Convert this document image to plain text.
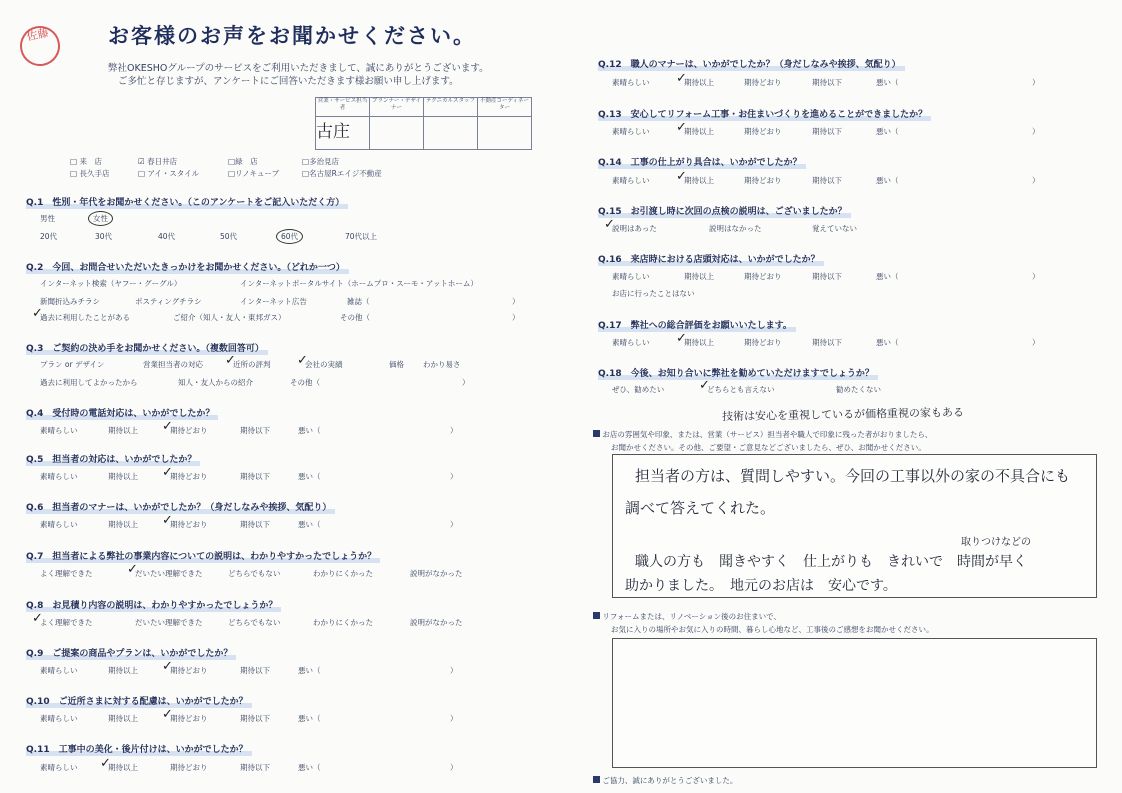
佐藤	お客様のお声をお聞かせください。
弊社OKESHOグループのサービスをご利用いただきまして、誠にありがとうございます。
ご多忙と存じますが、アンケートにご回答いただきます様お願い申し上げます。
営業・サービス担当者	プランナー・デザイナー	テクニカルスタッフ	不動産コーディネーター
古庄			
□ 来　店	☑ 春日井店	□緑　店	□多治見店
□ 長久手店	□ アイ・スタイル	□リノキューブ	□名古屋Rエイジ不動産
Q.1　性別・年代をお聞かせください。（このアンケートをご記入いただく方）
男性	女性
20代	30代	40代	50代	60代	70代以上
Q.2　今回、お問合せいただいたきっかけをお聞かせください。（どれか一つ）
インターネット検索（ヤフー・グーグル）	インターネットポータルサイト（ホームプロ・スーモ・アットホーム）
新聞折込みチラシ	ポスティングチラシ	インターネット広告	雑誌（	）
過去に利用したことがある
✓	ご紹介（知人・友人・東邦ガス）	その他（	）
Q.3　ご契約の決め手をお聞かせください。（複数回答可）
プラン or デザイン	営業担当者の対応	近所の評判
✓	会社の実績
✓	価格	わかり易さ
過去に利用してよかったから	知人・友人からの紹介	その他（	）
Q.4　受付時の電話対応は、いかがでしたか？
素晴らしい	期待以上	期待どおり
✓	期待以下	悪い（	）
Q.5　担当者の対応は、いかがでしたか？
素晴らしい	期待以上	期待どおり
✓	期待以下	悪い（	）
Q.6　担当者のマナーは、いかがでしたか？（身だしなみや挨拶、気配り）
素晴らしい	期待以上	期待どおり
✓	期待以下	悪い（	）
Q.7　担当者による弊社の事業内容についての説明は、わかりやすかったでしょうか？
よく理解できた	だいたい理解できた
✓	どちらでもない	わかりにくかった	説明がなかった
Q.8　お見積り内容の説明は、わかりやすかったでしょうか？
よく理解できた
✓	だいたい理解できた	どちらでもない	わかりにくかった	説明がなかった
Q.9　ご提案の商品やプランは、いかがでしたか？
素晴らしい	期待以上	期待どおり
✓	期待以下	悪い（	）
Q.10　ご近所さまに対する配慮は、いかがでしたか？
素晴らしい	期待以上	期待どおり
✓	期待以下	悪い（	）
Q.11　工事中の美化・後片付けは、いかがでしたか？
素晴らしい	期待以上
✓	期待どおり	期待以下	悪い（	）
Q.12　職人のマナーは、いかがでしたか？（身だしなみや挨拶、気配り）
素晴らしい	期待以上
✓	期待どおり	期待以下	悪い（	）
Q.13　安心してリフォーム工事・お住まいづくりを進めることができましたか？
素晴らしい	期待以上
✓	期待どおり	期待以下	悪い（	）
Q.14　工事の仕上がり具合は、いかがでしたか？
素晴らしい	期待以上
✓	期待どおり	期待以下	悪い（	）
Q.15　お引渡し時に次回の点検の説明は、ございましたか？
説明はあった
✓	説明はなかった	覚えていない
Q.16　来店時における店頭対応は、いかがでしたか？
素晴らしい	期待以上	期待どおり	期待以下	悪い（	）
お店に行ったことはない
Q.17　弊社への総合評価をお願いいたします。
素晴らしい	期待以上
✓	期待どおり	期待以下	悪い（	）
Q.18　今後、お知り合いに弊社を勧めていただけますでしょうか？
ぜひ、勧めたい	どちらとも言えない
✓	勧めたくない
お店の雰囲気や印象、または、営業（サービス）担当者や職人で印象に残った者がおりましたら、
お聞かせください。その他、ご要望・ご意見などございましたら、ぜひ、お聞かせください。
技術は安心を重視しているが価格重視の家もある
担当者の方は、質問しやすい。今回の工事以外の家の不具合にも
調べて答えてくれた。
取りつけなどの
職人の方も　聞きやすく　仕上がりも　きれいで　時間が早く
助かりました。　地元のお店は　安心です。
リフォームまたは、リノベーション後のお住まいで、
お気に入りの場所やお気に入りの時間、暮らし心地など、工事後のご感想をお聞かせください。
ご協力、誠にありがとうございました。
